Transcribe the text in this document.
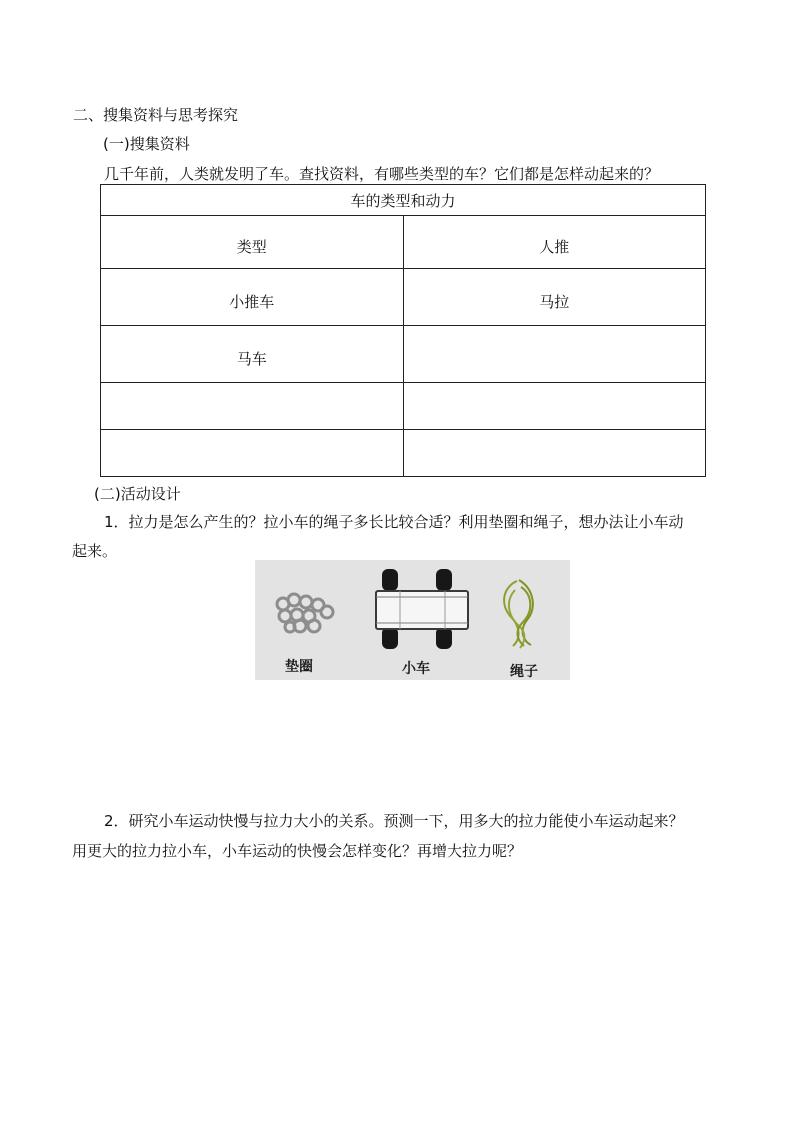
二、搜集资料与思考探究
(一)搜集资料
几千年前，人类就发明了车。查找资料，有哪些类型的车？它们都是怎样动起来的？
车的类型和动力	
类型	人推
小推车	马拉
马车	

(二)活动设计
1．拉力是怎么产生的？拉小车的绳子多长比较合适？利用垫圈和绳子，想办法让小车动
起来。
垫圈	小车	绳子
2．研究小车运动快慢与拉力大小的关系。预测一下，用多大的拉力能使小车运动起来？
用更大的拉力拉小车，小车运动的快慢会怎样变化？再增大拉力呢？
